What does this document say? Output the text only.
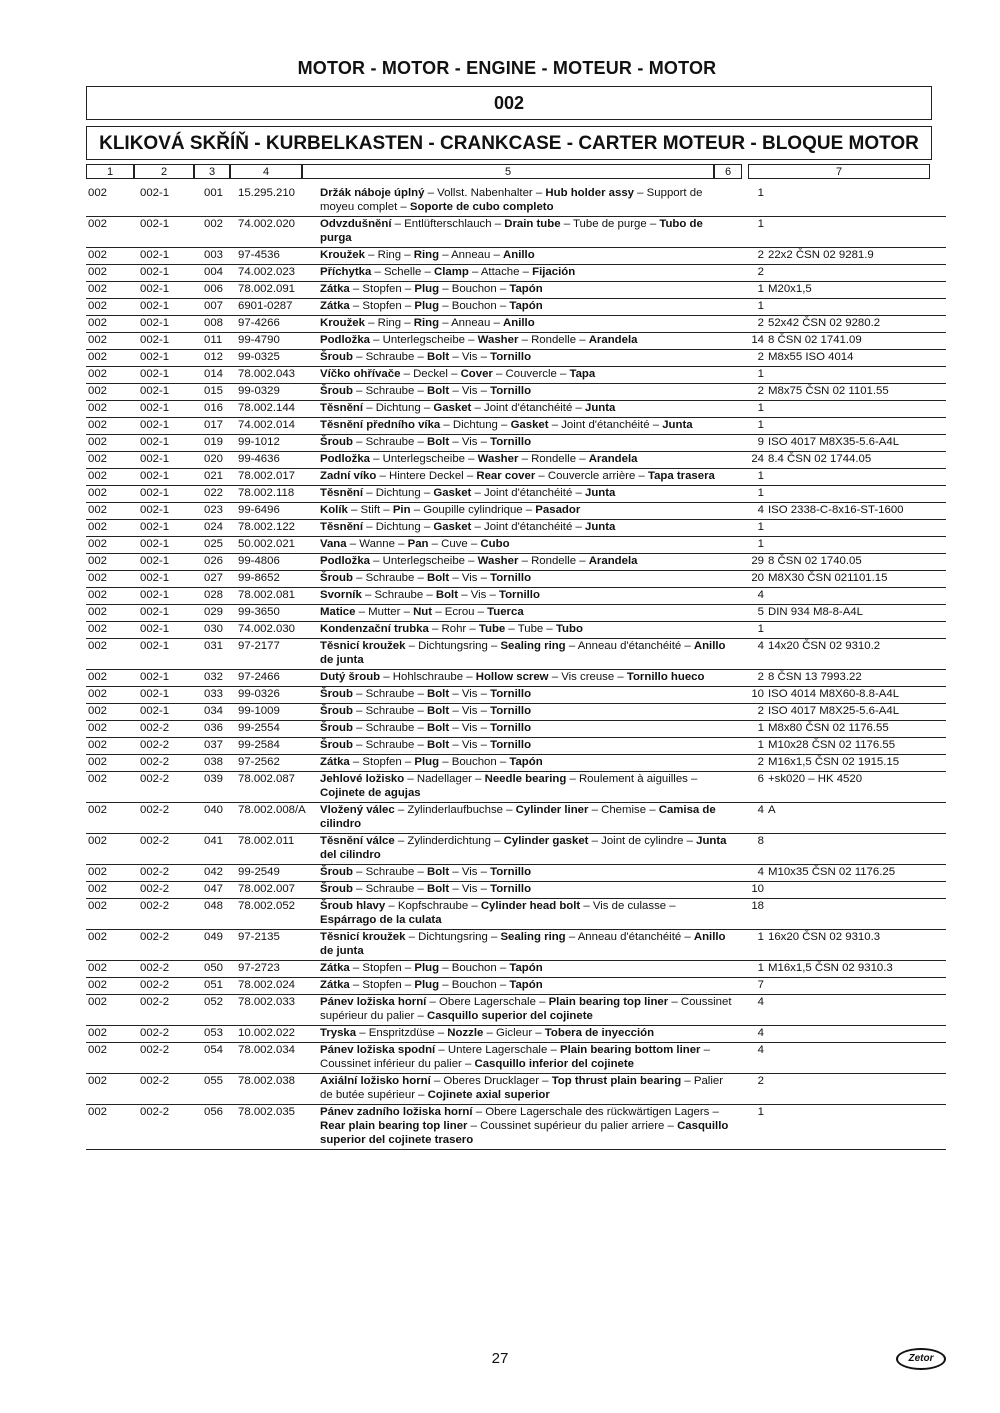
MOTOR - MOTOR - ENGINE - MOTEUR - MOTOR
002
KLIKOVÁ SKŘÍŇ - KURBELKASTEN - CRANKCASE - CARTER MOTEUR - BLOQUE MOTOR
1	2	3	4	5	6	7
002	002-1	001	15.295.210	Držák náboje úplný – Vollst. Nabenhalter – Hub holder assy – Support de moyeu complet – Soporte de cubo completo	1	
002	002-1	002	74.002.020	Odvzdušnění – Entlüfterschlauch – Drain tube – Tube de purge – Tubo de purga	1	
002	002-1	003	97-4536	Kroužek – Ring – Ring – Anneau – Anillo	2	22x2 ČSN 02 9281.9
002	002-1	004	74.002.023	Příchytka – Schelle – Clamp – Attache – Fijación	2	
002	002-1	006	78.002.091	Zátka – Stopfen – Plug – Bouchon – Tapón	1	M20x1,5
002	002-1	007	6901-0287	Zátka – Stopfen – Plug – Bouchon – Tapón	1	
002	002-1	008	97-4266	Kroužek – Ring – Ring – Anneau – Anillo	2	52x42 ČSN 02 9280.2
002	002-1	011	99-4790	Podložka – Unterlegscheibe – Washer – Rondelle – Arandela	14	8 ČSN 02 1741.09
002	002-1	012	99-0325	Šroub – Schraube – Bolt – Vis – Tornillo	2	M8x55 ISO 4014
002	002-1	014	78.002.043	Víčko ohřívače – Deckel – Cover – Couvercle – Tapa	1	
002	002-1	015	99-0329	Šroub – Schraube – Bolt – Vis – Tornillo	2	M8x75 ČSN 02 1101.55
002	002-1	016	78.002.144	Těsnění – Dichtung – Gasket – Joint d'étanchéité – Junta	1	
002	002-1	017	74.002.014	Těsnění předního víka – Dichtung – Gasket – Joint d'étanchéité – Junta	1	
002	002-1	019	99-1012	Šroub – Schraube – Bolt – Vis – Tornillo	9	ISO 4017 M8X35-5.6-A4L
002	002-1	020	99-4636	Podložka – Unterlegscheibe – Washer – Rondelle – Arandela	24	8.4 ČSN 02 1744.05
002	002-1	021	78.002.017	Zadní víko – Hintere Deckel – Rear cover – Couvercle arrière – Tapa trasera	1	
002	002-1	022	78.002.118	Těsnění – Dichtung – Gasket – Joint d'étanchéité – Junta	1	
002	002-1	023	99-6496	Kolík – Stift – Pin – Goupille cylindrique – Pasador	4	ISO 2338-C-8x16-ST-1600
002	002-1	024	78.002.122	Těsnění – Dichtung – Gasket – Joint d'étanchéité – Junta	1	
002	002-1	025	50.002.021	Vana – Wanne – Pan – Cuve – Cubo	1	
002	002-1	026	99-4806	Podložka – Unterlegscheibe – Washer – Rondelle – Arandela	29	8 ČSN 02 1740.05
002	002-1	027	99-8652	Šroub – Schraube – Bolt – Vis – Tornillo	20	M8X30 ČSN 021101.15
002	002-1	028	78.002.081	Svorník – Schraube – Bolt – Vis – Tornillo	4	
002	002-1	029	99-3650	Matice – Mutter – Nut – Ecrou – Tuerca	5	DIN 934 M8-8-A4L
002	002-1	030	74.002.030	Kondenzační trubka – Rohr – Tube – Tube – Tubo	1	
002	002-1	031	97-2177	Těsnicí kroužek – Dichtungsring – Sealing ring – Anneau d'étanchéité – Anillo de junta	4	14x20 ČSN 02 9310.2
002	002-1	032	97-2466	Dutý šroub – Hohlschraube – Hollow screw – Vis creuse – Tornillo hueco	2	8 ČSN 13 7993.22
002	002-1	033	99-0326	Šroub – Schraube – Bolt – Vis – Tornillo	10	ISO 4014 M8X60-8.8-A4L
002	002-1	034	99-1009	Šroub – Schraube – Bolt – Vis – Tornillo	2	ISO 4017 M8X25-5.6-A4L
002	002-2	036	99-2554	Šroub – Schraube – Bolt – Vis – Tornillo	1	M8x80 ČSN 02 1176.55
002	002-2	037	99-2584	Šroub – Schraube – Bolt – Vis – Tornillo	1	M10x28 ČSN 02 1176.55
002	002-2	038	97-2562	Zátka – Stopfen – Plug – Bouchon – Tapón	2	M16x1,5 ČSN 02 1915.15
002	002-2	039	78.002.087	Jehlové ložisko – Nadellager – Needle bearing – Roulement à aiguilles – Cojinete de agujas	6	+sk020 – HK 4520
002	002-2	040	78.002.008/A	Vložený válec – Zylinderlaufbuchse – Cylinder liner – Chemise – Camisa de cilindro	4	A
002	002-2	041	78.002.011	Těsnění válce – Zylinderdichtung – Cylinder gasket – Joint de cylindre – Junta del cilindro	8	
002	002-2	042	99-2549	Šroub – Schraube – Bolt – Vis – Tornillo	4	M10x35 ČSN 02 1176.25
002	002-2	047	78.002.007	Šroub – Schraube – Bolt – Vis – Tornillo	10	
002	002-2	048	78.002.052	Šroub hlavy – Kopfschraube – Cylinder head bolt – Vis de culasse – Espárrago de la culata	18	
002	002-2	049	97-2135	Těsnicí kroužek – Dichtungsring – Sealing ring – Anneau d'étanchéité – Anillo de junta	1	16x20 ČSN 02 9310.3
002	002-2	050	97-2723	Zátka – Stopfen – Plug – Bouchon – Tapón	1	M16x1,5 ČSN 02 9310.3
002	002-2	051	78.002.024	Zátka – Stopfen – Plug – Bouchon – Tapón	7	
002	002-2	052	78.002.033	Pánev ložiska horní – Obere Lagerschale – Plain bearing top liner – Coussinet supérieur du palier – Casquillo superior del cojinete	4	
002	002-2	053	10.002.022	Tryska – Enspritzdüse – Nozzle – Gicleur – Tobera de inyección	4	
002	002-2	054	78.002.034	Pánev ložiska spodní – Untere Lagerschale – Plain bearing bottom liner – Coussinet inférieur du palier – Casquillo inferior del cojinete	4	
002	002-2	055	78.002.038	Axiální ložisko horní – Oberes Drucklager – Top thrust plain bearing – Palier de butée supérieur – Cojinete axial superior	2	
002	002-2	056	78.002.035	Pánev zadního ložiska horní – Obere Lagerschale des rückwärtigen Lagers – Rear plain bearing top liner – Coussinet supérieur du palier arriere – Casquillo superior del cojinete trasero	1	
27	Zetor
